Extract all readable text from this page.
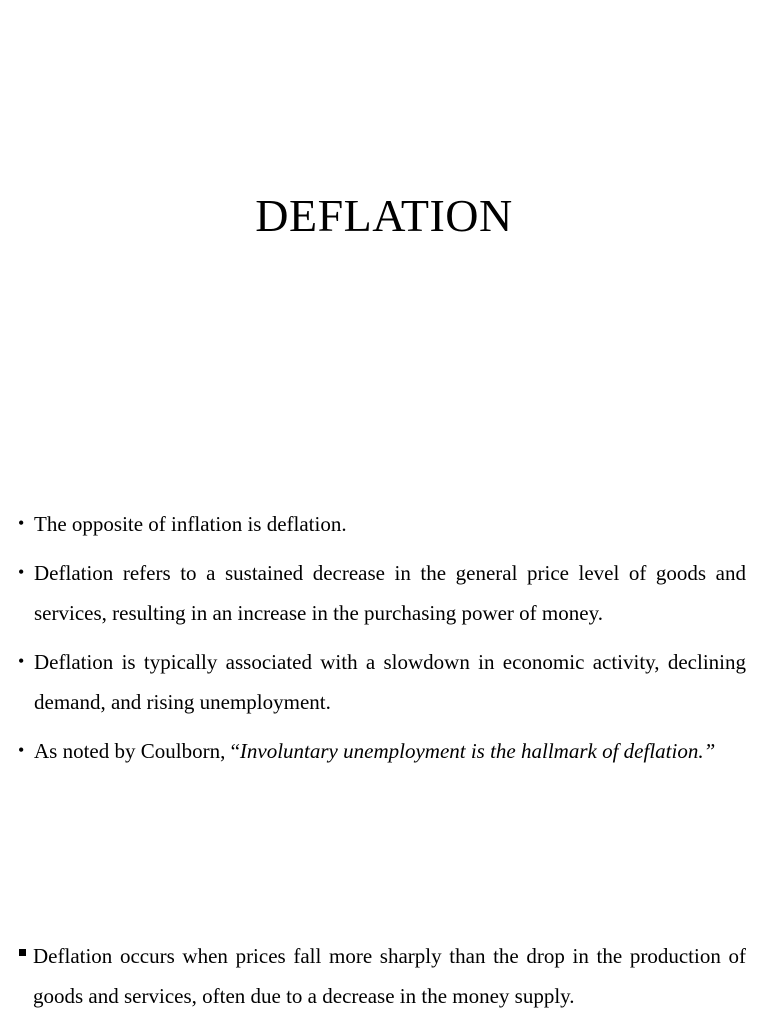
DEFLATION
• The opposite of inflation is deflation.
• Deflation refers to a sustained decrease in the general price level of goods and services, resulting in an increase in the purchasing power of money.
• Deflation is typically associated with a slowdown in economic activity, declining demand, and rising unemployment.
• As noted by Coulborn, “Involuntary unemployment is the hallmark of deflation.”
Deflation occurs when prices fall more sharply than the drop in the production of goods and services, often due to a decrease in the money supply.
